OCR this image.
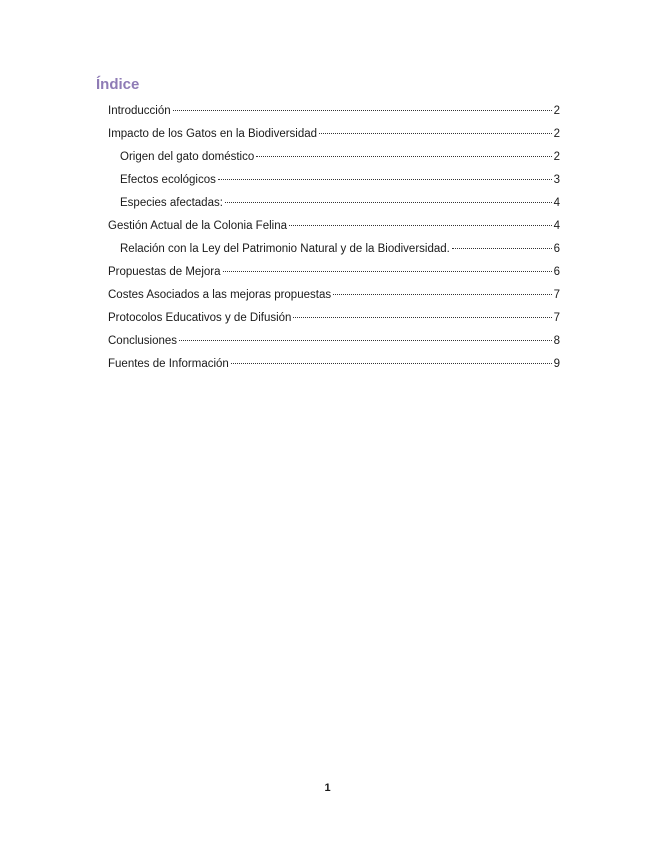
Índice
Introducción	2
Impacto de los Gatos en la Biodiversidad	2
Origen del gato doméstico	2
Efectos ecológicos	3
Especies afectadas:	4
Gestión Actual de la Colonia Felina	4
Relación con la Ley del Patrimonio Natural y de la Biodiversidad.	6
Propuestas de Mejora	6
Costes Asociados a las mejoras propuestas	7
Protocolos Educativos y de Difusión	7
Conclusiones	8
Fuentes de Información	9
1
